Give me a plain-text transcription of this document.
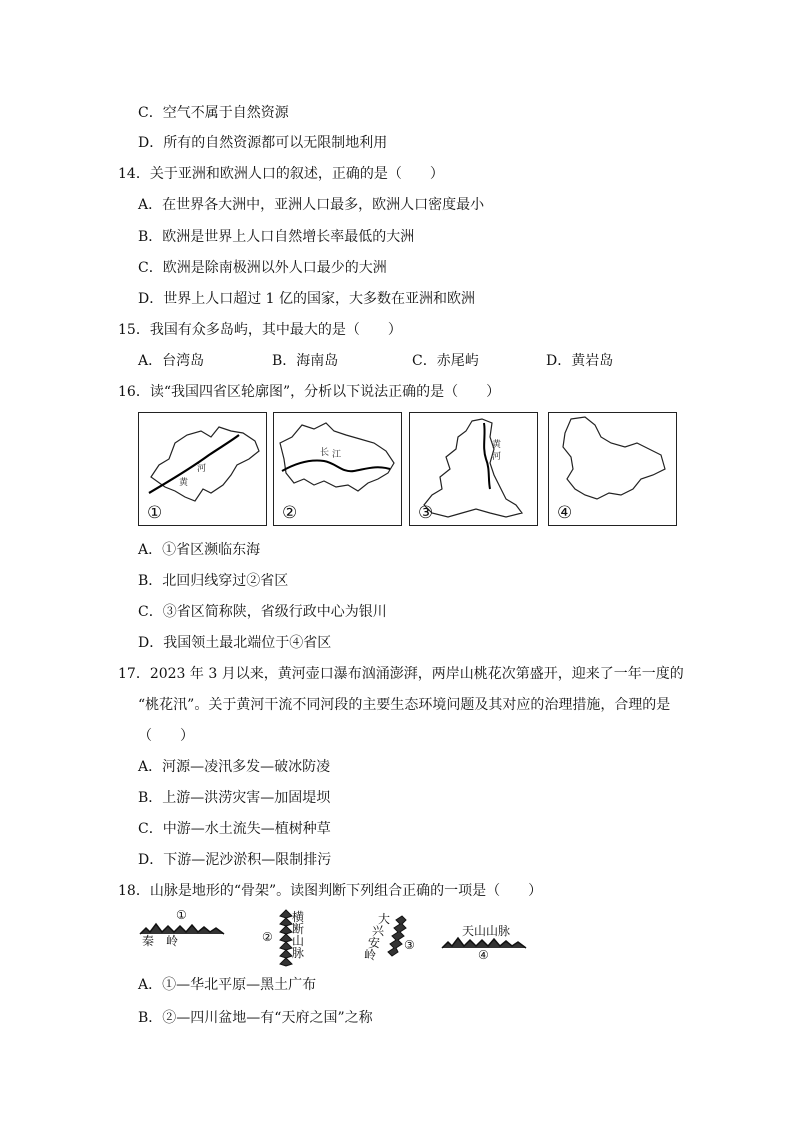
C．空气不属于自然资源
D．所有的自然资源都可以无限制地利用
14．关于亚洲和欧洲人口的叙述，正确的是（　　）
A．在世界各大洲中，亚洲人口最多，欧洲人口密度最小
B．欧洲是世界上人口自然增长率最低的大洲
C．欧洲是除南极洲以外人口最少的大洲
D．世界上人口超过 1 亿的国家，大多数在亚洲和欧洲
15．我国有众多岛屿，其中最大的是（　　）
A．台湾岛	B．海南岛	C．赤尾屿	D．黄岩岛
16．读“我国四省区轮廓图”，分析以下说法正确的是（　　）
黄
河
①
长 江
②
黄
河
③	④
A．①省区濒临东海
B．北回归线穿过②省区
C．③省区简称陕，省级行政中心为银川
D．我国领土最北端位于④省区
17．2023 年 3 月以来，黄河壶口瀑布汹涌澎湃，两岸山桃花次第盛开，迎来了一年一度的
“桃花汛”。关于黄河干流不同河段的主要生态环境问题及其对应的治理措施，合理的是
（　　）
A．河源—凌汛多发—破冰防凌
B．上游—洪涝灾害—加固堤坝
C．中游—水土流失—植树种草
D．下游—泥沙淤积—限制排污
18．山脉是地形的“骨架”。读图判断下列组合正确的一项是（　　）
①
秦　岭	②
横
断
山
脉
大
兴
安
岭
③
天山山脉
④
A．①—华北平原—黑土广布
B．②—四川盆地—有“天府之国”之称
